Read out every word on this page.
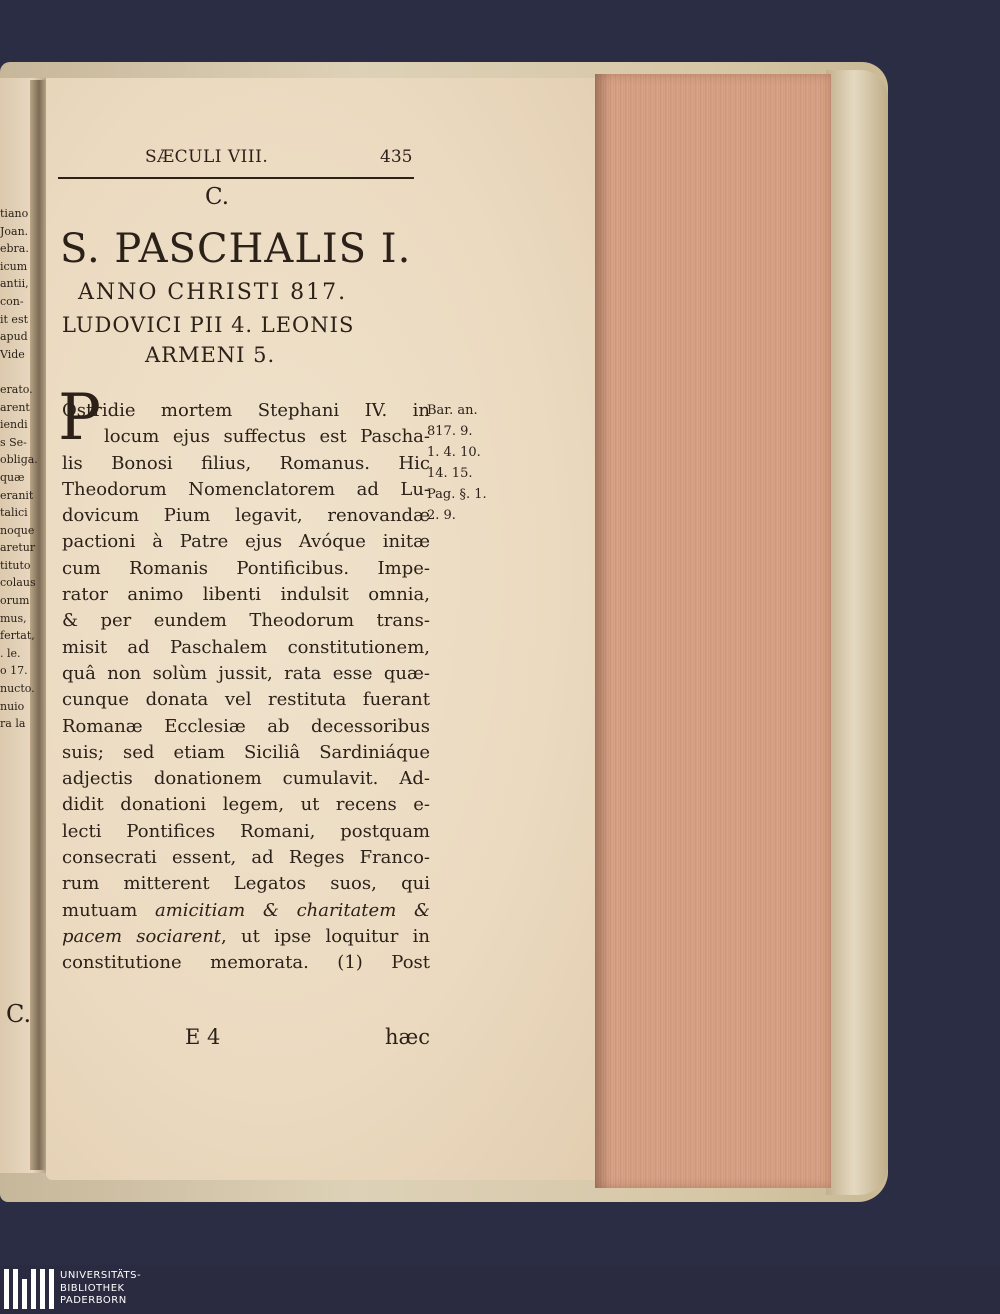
tiano
Joan.
ebra.
icum
antii,
con-
it est
apud
Vide
erato.
arent
iendi
s Se-
obliga.
quæ
eranit
talici
noque
aretur
tituto
colaus
orum
mus,
fertat,
. le.
o 17.
nucto.
nuio
ra la
C.
SÆCULI VIII.	435
C.
S. PASCHALIS I.
ANNO CHRISTI 817.
LUDOVICI PII 4. LEONIS
ARMENI 5.
P
Ostridie mortem Stephani IV. in
locum ejus suffectus est Pascha-
lis Bonosi filius, Romanus. Hic
Theodorum Nomenclatorem ad Lu-
dovicum Pium legavit, renovandæ
pactioni à Patre ejus Avóque initæ
cum Romanis Pontificibus. Impe-
rator animo libenti indulsit omnia,
& per eundem Theodorum trans-
misit ad Paschalem constitutionem,
quâ non solùm jussit, rata esse quæ-
cunque donata vel restituta fuerant
Romanæ Ecclesiæ ab decessoribus
suis; sed etiam Siciliâ Sardiniáque
adjectis donationem cumulavit. Ad-
didit donationi legem, ut recens e-
lecti Pontifices Romani, postquam
consecrati essent, ad Reges Franco-
rum mitterent Legatos suos, qui
mutuam amicitiam & charitatem &
pacem sociarent, ut ipse loquitur in
constitutione memorata. (1) Post
Bar. an.
817. 9.
1. 4. 10.
14. 15.
Pag. §. 1.
2. 9.
E 4	hæc
UNIVERSITÄTS-
BIBLIOTHEK
PADERBORN
